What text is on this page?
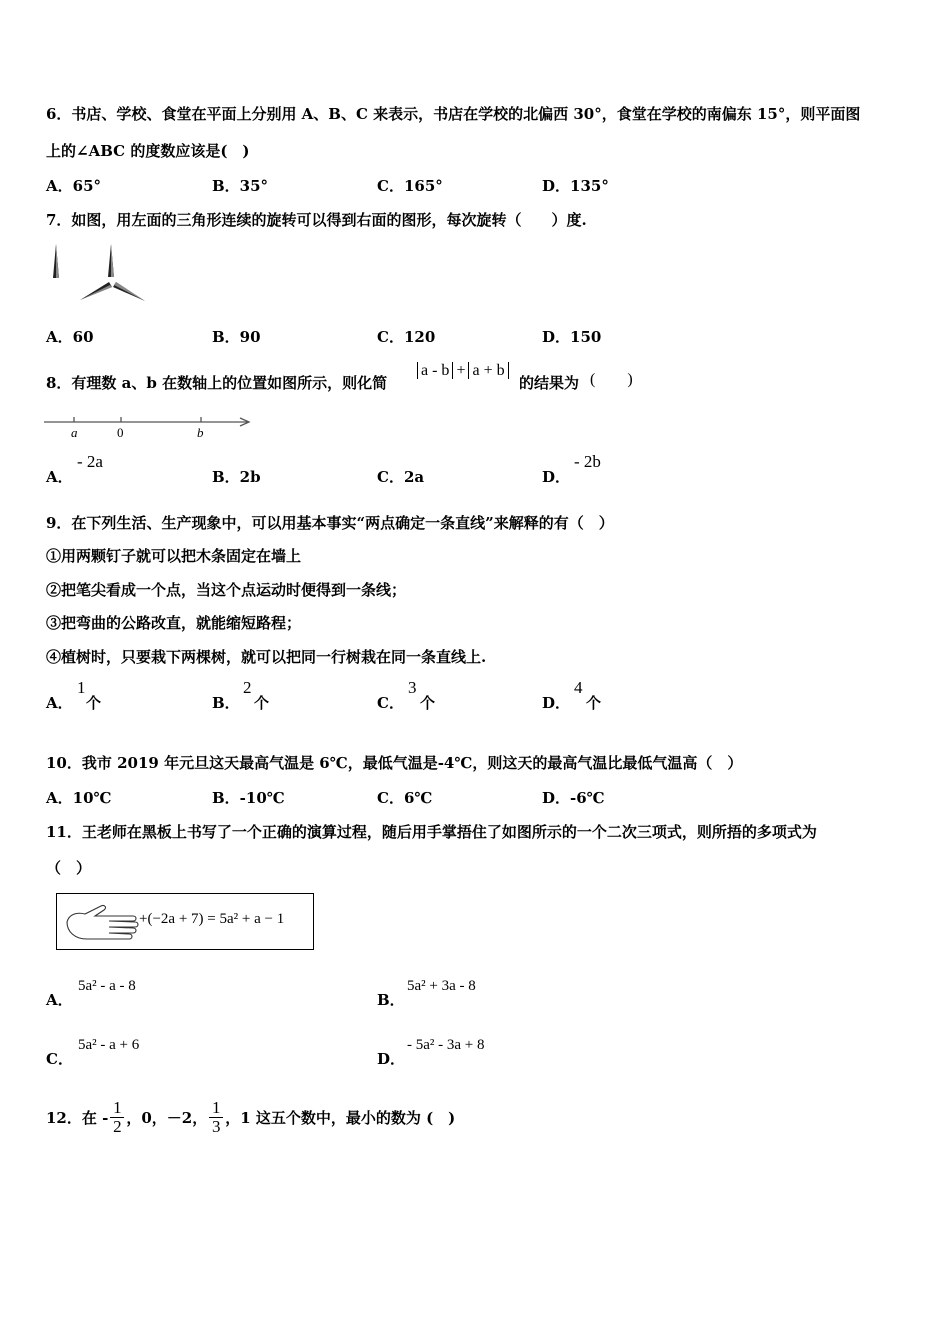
6．书店、学校、食堂在平面上分别用 A、B、C 来表示，书店在学校的北偏西 30°，食堂在学校的南偏东 15°，则平面图
上的∠ABC 的度数应该是(　)
A．65°	B．35°	C．165°	D．135°
7．如图，用左面的三角形连续的旋转可以得到右面的图形，每次旋转（　　）度.
A．60	B．90	C．120	D．150
8．有理数 a、b 在数轴上的位置如图所示，则化简
a - b + a + b
的结果为 (　　)
a	0	b
A．
- 2a
B．2b	C．2a	D．
- 2b
9．在下列生活、生产现象中，可以用基本事实“两点确定一条直线”来解释的有（　）
①用两颗钉子就可以把木条固定在墙上
②把笔尖看成一个点，当这个点运动时便得到一条线；
③把弯曲的公路改直，就能缩短路程；
④植树时，只要栽下两棵树，就可以把同一行树栽在同一条直线上.
A．
1
个	B．
2
个	C．
3
个	D．
4
个
10．我市 2019 年元旦这天最高气温是 6℃，最低气温是-4℃，则这天的最高气温比最低气温高（　）
A．10℃	B．-10℃	C．6℃	D．-6℃
11．王老师在黑板上书写了一个正确的演算过程，随后用手掌捂住了如图所示的一个二次三项式，则所捂的多项式为
（　）
+(−2a + 7) = 5a² + a − 1
A．
5a² - a - 8
B．
5a² + 3a - 8
C．
5a² - a + 6
D．
- 5a² - 3a + 8
12．在 - $\frac{1}{2}$ ，0，－2， $\frac{1}{3}$ ，1 这五个数中，最小的数为 (　)
